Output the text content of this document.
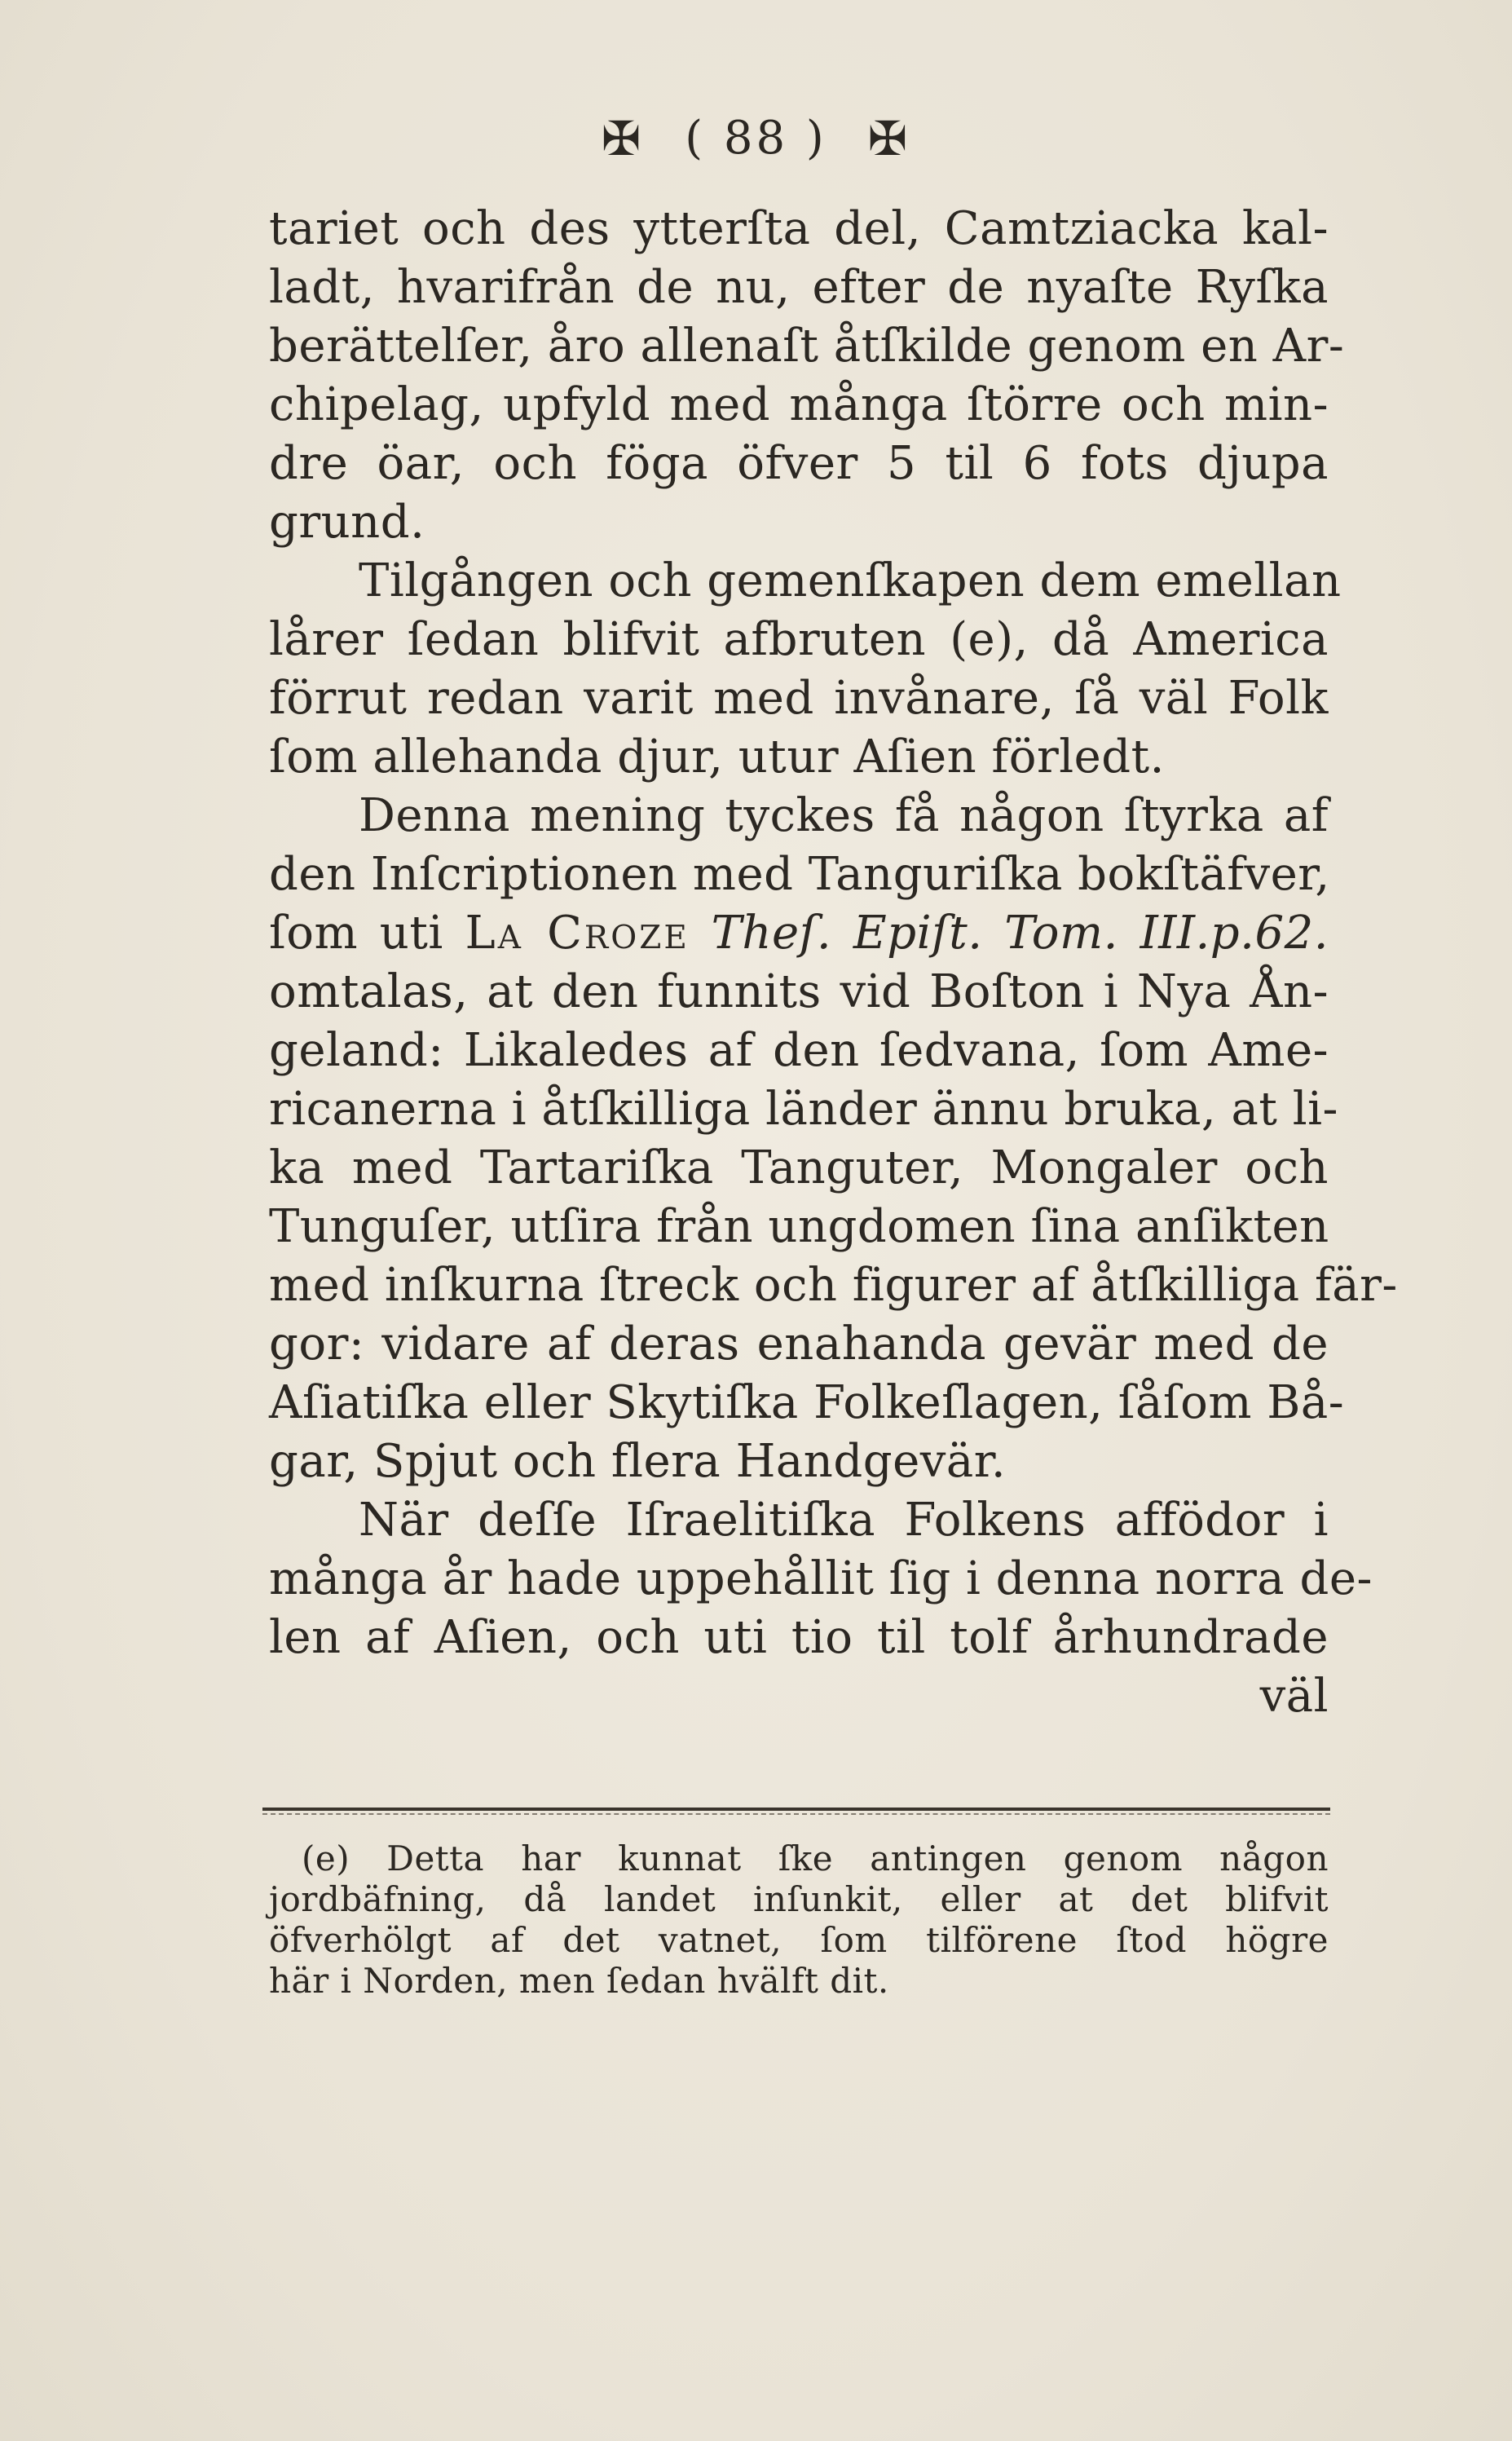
✠ ( 88 ) ✠
tariet och des ytterſta del, Camtziacka kal-
ladt, hvarifrån de nu, efter de nyaſte Ryſka
berättelſer, åro allenaſt åtſkilde genom en Ar-
chipelag, upfyld med många ſtörre och min-
dre öar, och föga öfver 5 til 6 fots djupa
grund.
Tilgången och gemenſkapen dem emellan
lårer ſedan blifvit afbruten (e), då America
förrut redan varit med invånare, ſå väl Folk
ſom allehanda djur, utur Aſien förledt.
Denna mening tyckes få någon ſtyrka af
den Inſcriptionen med Tanguriſka bokſtäfver,
ſom uti La Croze Theſ. Epiſt. Tom. III.p.62.
omtalas, at den funnits vid Boſton i Nya Ån-
geland: Likaledes af den ſedvana, ſom Ame-
ricanerna i åtſkilliga länder ännu bruka, at li-
ka med Tartariſka Tanguter, Mongaler och
Tunguſer, utſira från ungdomen ſina anſikten
med inſkurna ſtreck och figurer af åtſkilliga fär-
gor: vidare af deras enahanda gevär med de
Aſiatiſka eller Skytiſka Folkeſlagen, ſåſom Bå-
gar, Spjut och flera Handgevär.
När deſſe Iſraelitiſka Folkens affödor i
många år hade uppehållit ſig i denna norra de-
len af Aſien, och uti tio til tolf århundrade
väl
(e) Detta har kunnat ſke antingen genom någon
jordbäfning, då landet inſunkit, eller at det blifvit
öfverhölgt af det vatnet, ſom tilförene ſtod högre
här i Norden, men ſedan hvälft dit.
